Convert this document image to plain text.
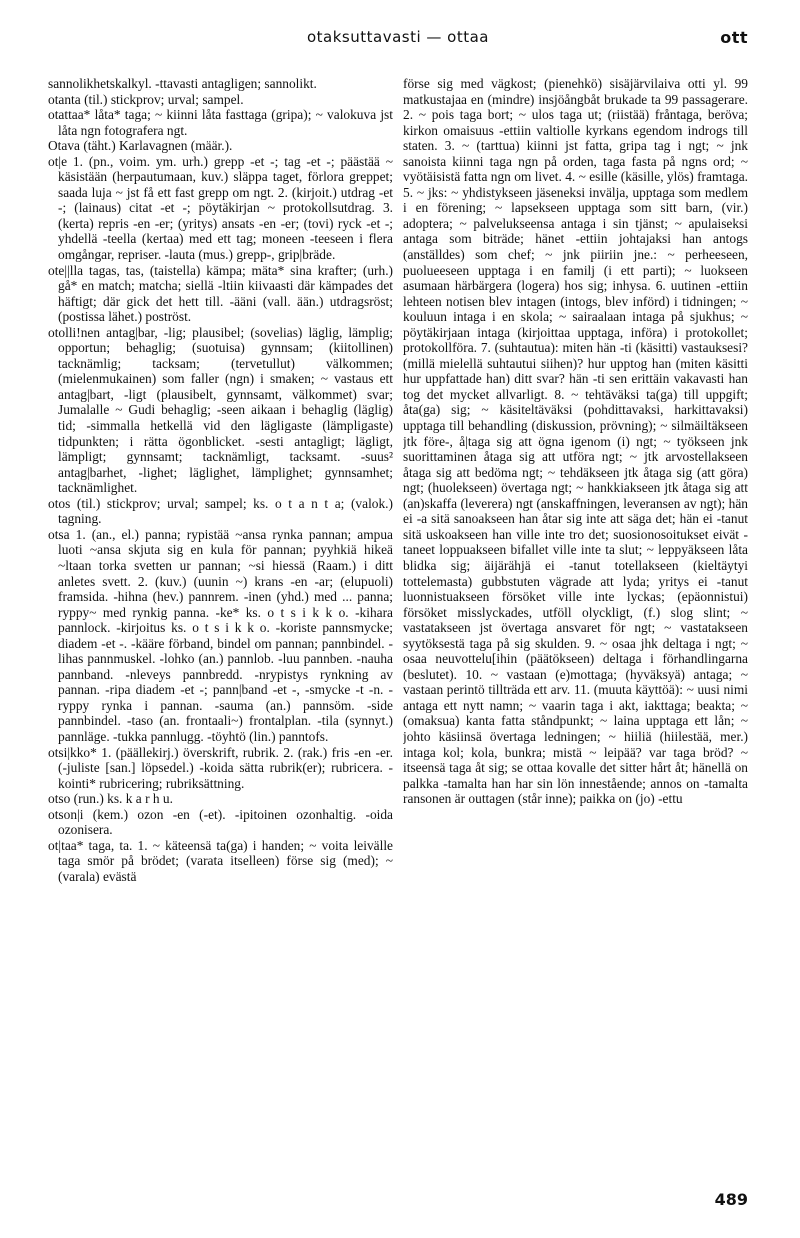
otaksuttavasti — ottaa	ott

sannolikhetskalkyl. -ttavasti antagligen; sannolikt.

otanta (til.) stickprov; urval; sampel.

otattaa* låta* taga; ~ kiinni låta fasttaga (gripa); ~ valokuva jst låta ngn fotografera ngt.

Otava (täht.) Karlavagnen (määr.).

ot|e 1. (pn., voim. ym. urh.) grepp -et -; tag -et -; päästää ~ käsistään (herpautumaan, kuv.) släppa taget, förlora greppet; saada luja ~ jst få ett fast grepp om ngt. 2. (kirjoit.) utdrag -et -; (lainaus) citat -et -; pöytäkirjan ~ protokollsutdrag. 3. (kerta) repris -en -er; (yritys) ansats -en -er; (tovi) ryck -et -; yhdellä -teella (kertaa) med ett tag; moneen -teeseen i flera omgångar, repriser. -lauta (mus.) grepp-, grip|bräde.

ote||lla tagas, tas, (taistella) kämpa; mäta* sina krafter; (urh.) gå* en match; matcha; siellä -ltiin kiivaasti där kämpades det häftigt; där gick det hett till. -äänі (vall. ään.) utdragsröst; (postissa lähet.) poströst.

otolli!nen antag|bar, -lig; plausibel; (sovelias) läglig, lämplig; opportun; behaglig; (suotuisa) gynnsam; (kiitollinen) tacknämlig; tacksam; (tervetullut) välkommen; (mielenmukainen) som faller (ngn) i smaken; ~ vastaus ett antag|bart, -ligt (plausibelt, gynnsamt, välkommet) svar; Jumalalle ~ Gudi behaglig; -seen aikaan i behaglig (läglig) tid; -simmalla hetkellä vid den lägligaste (lämpligaste) tidpunkten; i rätta ögonblicket. -sesti antagligt; lägligt, lämpligt; gynnsamt; tacknämligt, tacksamt. -suus² antag|barhet, -lighet; läglighet, lämplighet; gynnsamhet; tacknämlighet.

otos (til.) stickprov; urval; sampel; ks. o t a n t a; (valok.) tagning.

otsa 1. (an., el.) panna; rypistää ~ansa rynka pannan; ampua luoti ~ansa skjuta sig en kula för pannan; pyyhkiä hikeä ~ltaan torka svetten ur pannan; ~si hiessä (Raam.) i ditt anletes svett. 2. (kuv.) (uunin ~) krans -en -ar; (elupuoli) framsida. -hihna (hev.) pannrem. -inen (yhd.) med ... panna; ryppy~ med rynkig panna. -ke* ks. o t s i k k o. -kihara pannlock. -kirjoitus ks. o t s i k k o. -koriste pannsmycke; diadem -et -. -kääre förband, bindel om pannan; pannbindel. -lihas pannmuskel. -lohko (an.) pannlob. -luu pannben. -nauha pannband. -nleveys pannbredd. -nrypistys rynkning av pannan. -ripa diadem -et -; pann|band -et -, -smycke -t -n. -ryppy rynka i pannan. -sauma (an.) pannsöm. -side pannbindel. -taso (an. frontaali~) frontalplan. -tila (synnyt.) pannläge. -tukka pannlugg. -töyhtö (lin.) panntofs.

otsi|kko* 1. (päällekirj.) överskrift, rubrik. 2. (rak.) fris -en -er. (-juliste [san.] löpsedel.) -koida sätta rubrik(er); rubricera. -kointi* rubricering; rubriksättning.

otso (run.) ks. k a r h u.

otson|i (kem.) ozon -en (-et). -ipitoinen ozonhaltig. -oida ozonisera.

ot|taa* taga, ta. 1. ~ käteensä ta(ga) i handen; ~ voita leivälle taga smör på brödet; (varata itselleen) förse sig (med); ~ (varala) evästä

förse sig med vägkost; (pienehkö) sisäjärvilaiva otti yl. 99 matkustajaa en (mindre) insjöångbåt brukade ta 99 passagerare. 2. ~ pois taga bort; ~ ulos taga ut; (riistää) fråntaga, beröva; kirkon omaisuus -ettiin valtiolle kyrkans egendom indrogs till staten. 3. ~ (tarttua) kiinni jst fatta, gripa tag i ngt; ~ jnk sanoista kiinni taga ngn på orden, taga fasta på ngns ord; ~ vyötäisistä fatta ngn om livet. 4. ~ esille (käsille, ylös) framtaga. 5. ~ jks: ~ yhdistykseen jäseneksi invälja, upptaga som medlem i en förening; ~ lapsekseen upptaga som sitt barn, (vir.) adoptera; ~ palvelukseensa antaga i sin tjänst; ~ apulaiseksi antaga som biträde; hänet -ettiin johtajaksi han antogs (anställdes) som chef; ~ jnk piiriin jne.: ~ perheeseen, puolueeseen upptaga i en familj (i ett parti); ~ luokseen asumaan härbärgera (logera) hos sig; inhysa. 6. uutinen -ettiin lehteen notisen blev intagen (intogs, blev införd) i tidningen; ~ kouluun intaga i en skola; ~ sairaalaan intaga på sjukhus; ~ pöytäkirjaan intaga (kirjoittaa upptaga, införa) i protokollet; protokollföra. 7. (suhtautua): miten hän -ti (käsitti) vastauksesi? (millä mielellä suhtautui siihen)? hur upptog han (miten käsitti hur uppfattade han) ditt svar? hän -ti sen erittäin vakavasti han tog det mycket allvarligt. 8. ~ tehtäväksi ta(ga) till uppgift; åta(ga) sig; ~ käsiteltäväksi (pohdittavaksi, harkittavaksi) upptaga till behandling (diskussion, prövning); ~ silmäiltäkseen jtk före-, å|taga sig att ögna igenom (i) ngt; ~ työkseen jnk suorittaminen åtaga sig att utföra ngt; ~ jtk arvostellakseen åtaga sig att bedöma ngt; ~ tehdäkseen jtk åtaga sig (att göra) ngt; (huolekseen) övertaga ngt; ~ hankkiakseen jtk åtaga sig att (an)skaffa (leverera) ngt (anskaffningen, leveransen av ngt); hän ei -a sitä sanoakseen han åtar sig inte att säga det; hän ei -tanut sitä uskoakseen han ville inte tro det; suosionosoitukset eivät -taneet loppuakseen bifallet ville inte ta slut; ~ leppyäkseen låta blidka sig; äijärähjä ei -tanut totellakseen (kieltäytyi tottelemasta) gubbstuten vägrade att lyda; yritys ei -tanut luonnistuakseen försöket ville inte lyckas; (epäonnistui) försöket misslyckades, utföll olyckligt, (f.) slog slint; ~ vastatakseen jst övertaga ansvaret för ngt; ~ vastatakseen syytöksestä taga på sig skulden. 9. ~ osaa jhk deltaga i ngt; ~ osaa neuvottelu[ihin (päätökseen) deltaga i förhandlingarna (beslutet). 10. ~ vastaan (e)mottaga; (hyväksyä) antaga; ~ vastaan perintö tillträda ett arv. 11. (muuta käyttöä): ~ uusi nimi antaga ett nytt namn; ~ vaarin taga i akt, iakttaga; beakta; ~ (omaksua) kanta fatta ståndpunkt; ~ laina upptaga ett lån; ~ johto käsiinsä övertaga ledningen; ~ hiiliä (hiilestää, mer.) intaga kol; kola, bunkra; mistä ~ leipää? var taga bröd? ~ itseensä taga åt sig; se ottaa kovalle det sitter hårt åt; hänellä on palkka -tamalta han har sin lön innestående; annos on -tamalta ransonen är outtagen (står inne); paikka on (jo) -ettu

489
